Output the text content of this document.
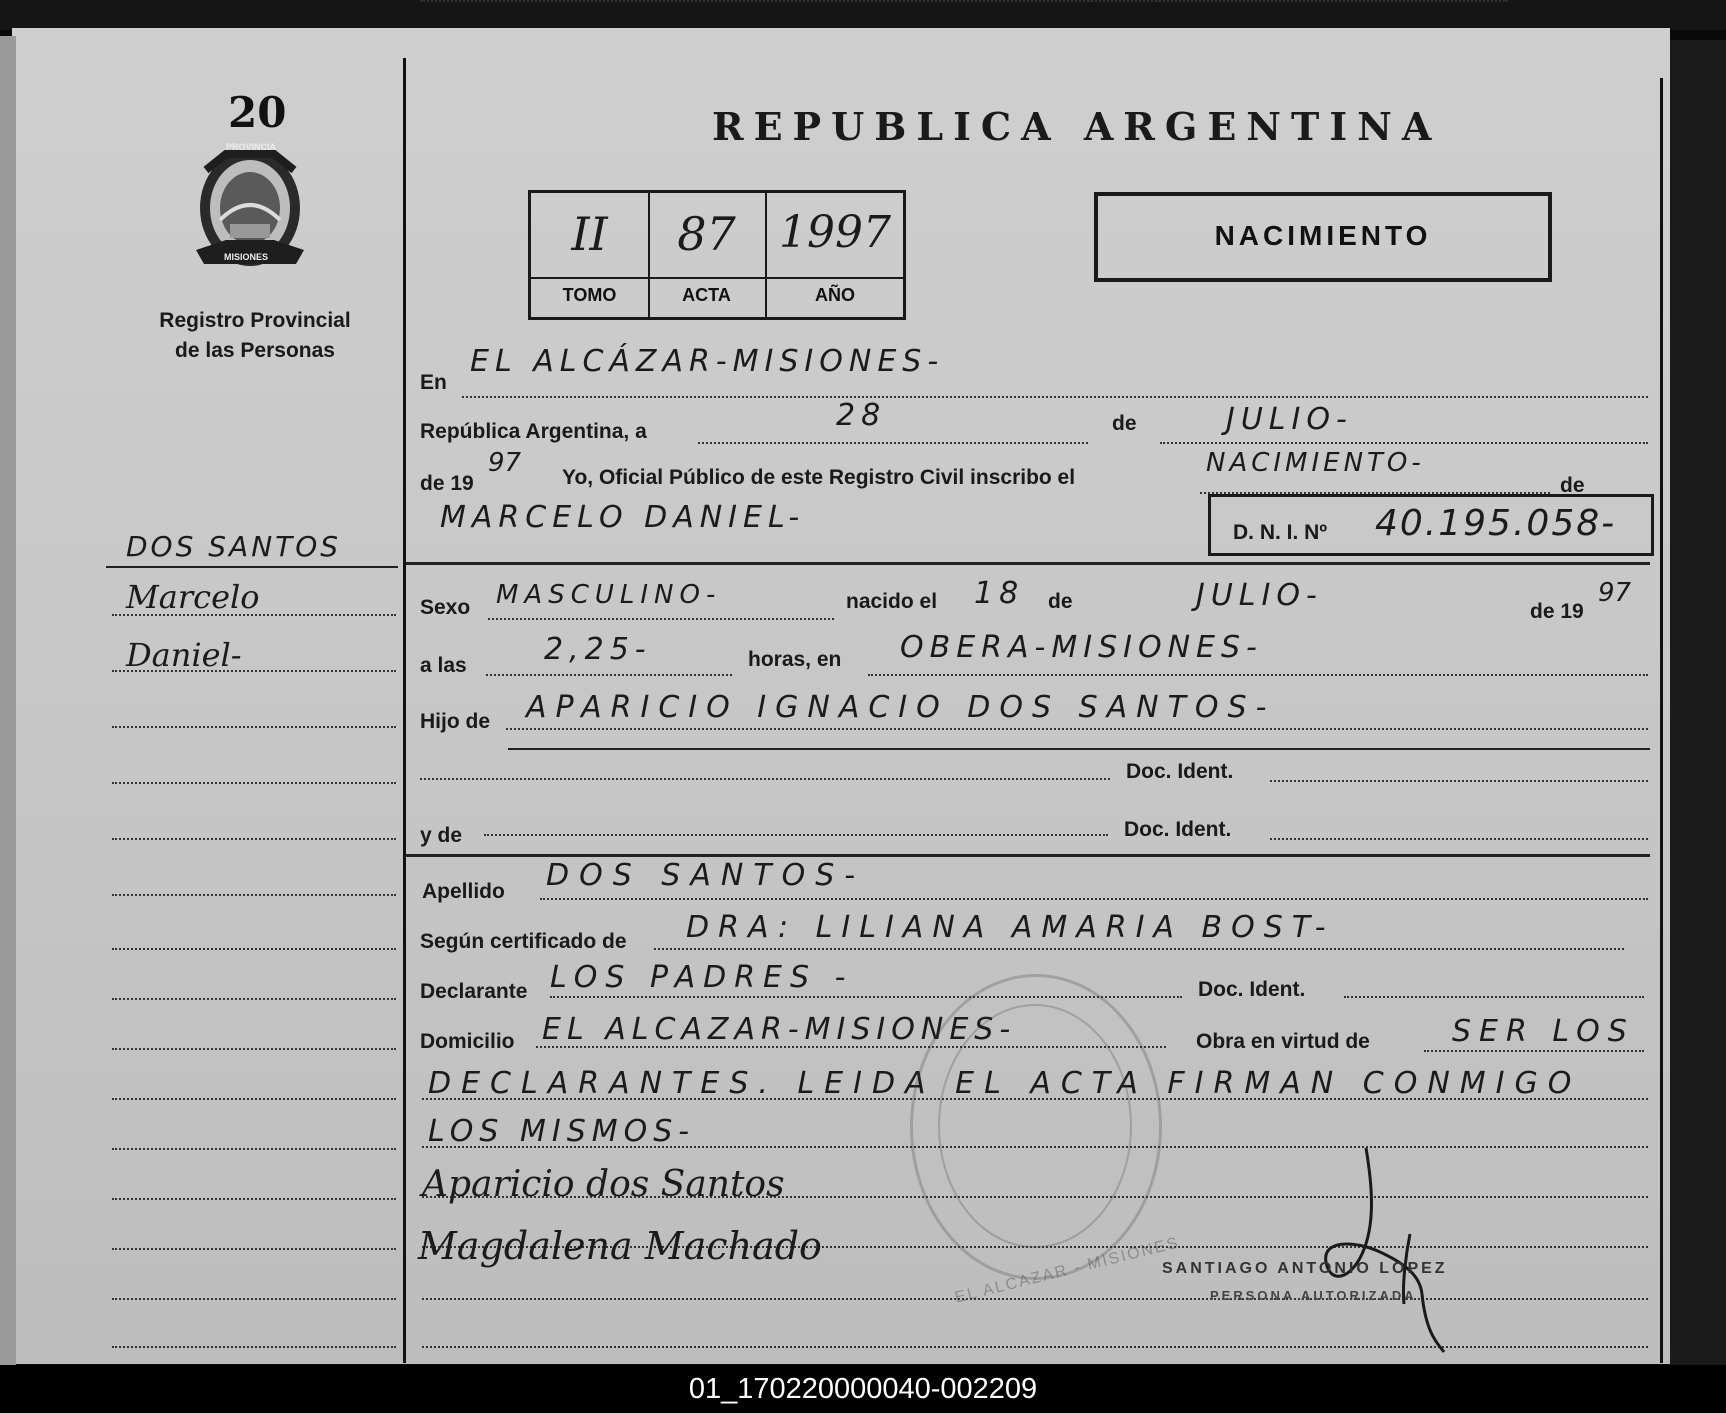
20
PROVINCIA
MISIONES
Registro Provincial
de las Personas
DOS SANTOS
Marcelo
Daniel-
REPUBLICA ARGENTINA
II	87 1997
TOMO	ACTA	AÑO
NACIMIENTO
En
EL ALCÁZAR-MISIONES-
República Argentina, a	28	de	JULIO-
de 19
97 Yo, Oficial Público de este Registro Civil inscribo el	NACIMIENTO-
de
MARCELO DANIEL-	D. N. I. Nº 40.195.058-
Sexo MASCULINO-	nacido el 18 de	JULIO-	de 19
97
a las	2,25-	horas, en OBERA-MISIONES-
Hijo de APARICIO IGNACIO DOS SANTOS-
Doc. Ident.
y de	Doc. Ident.
Apellido DOS SANTOS-
Según certificado de DRA: LILIANA AMARIA BOST-
Declarante LOS PADRES -	Doc. Ident.
Domicilio EL ALCAZAR-MISIONES-	Obra en virtud de	SER LOS
DECLARANTES. LEIDA EL ACTA FIRMAN CONMIGO
LOS MISMOS-
Aparicio dos Santos
Magdalena Machado	EL ALCAZAR - MISIONES
SANTIAGO ANTONIO LOPEZ
PERSONA AUTORIZADA
01_170220000040-002209
